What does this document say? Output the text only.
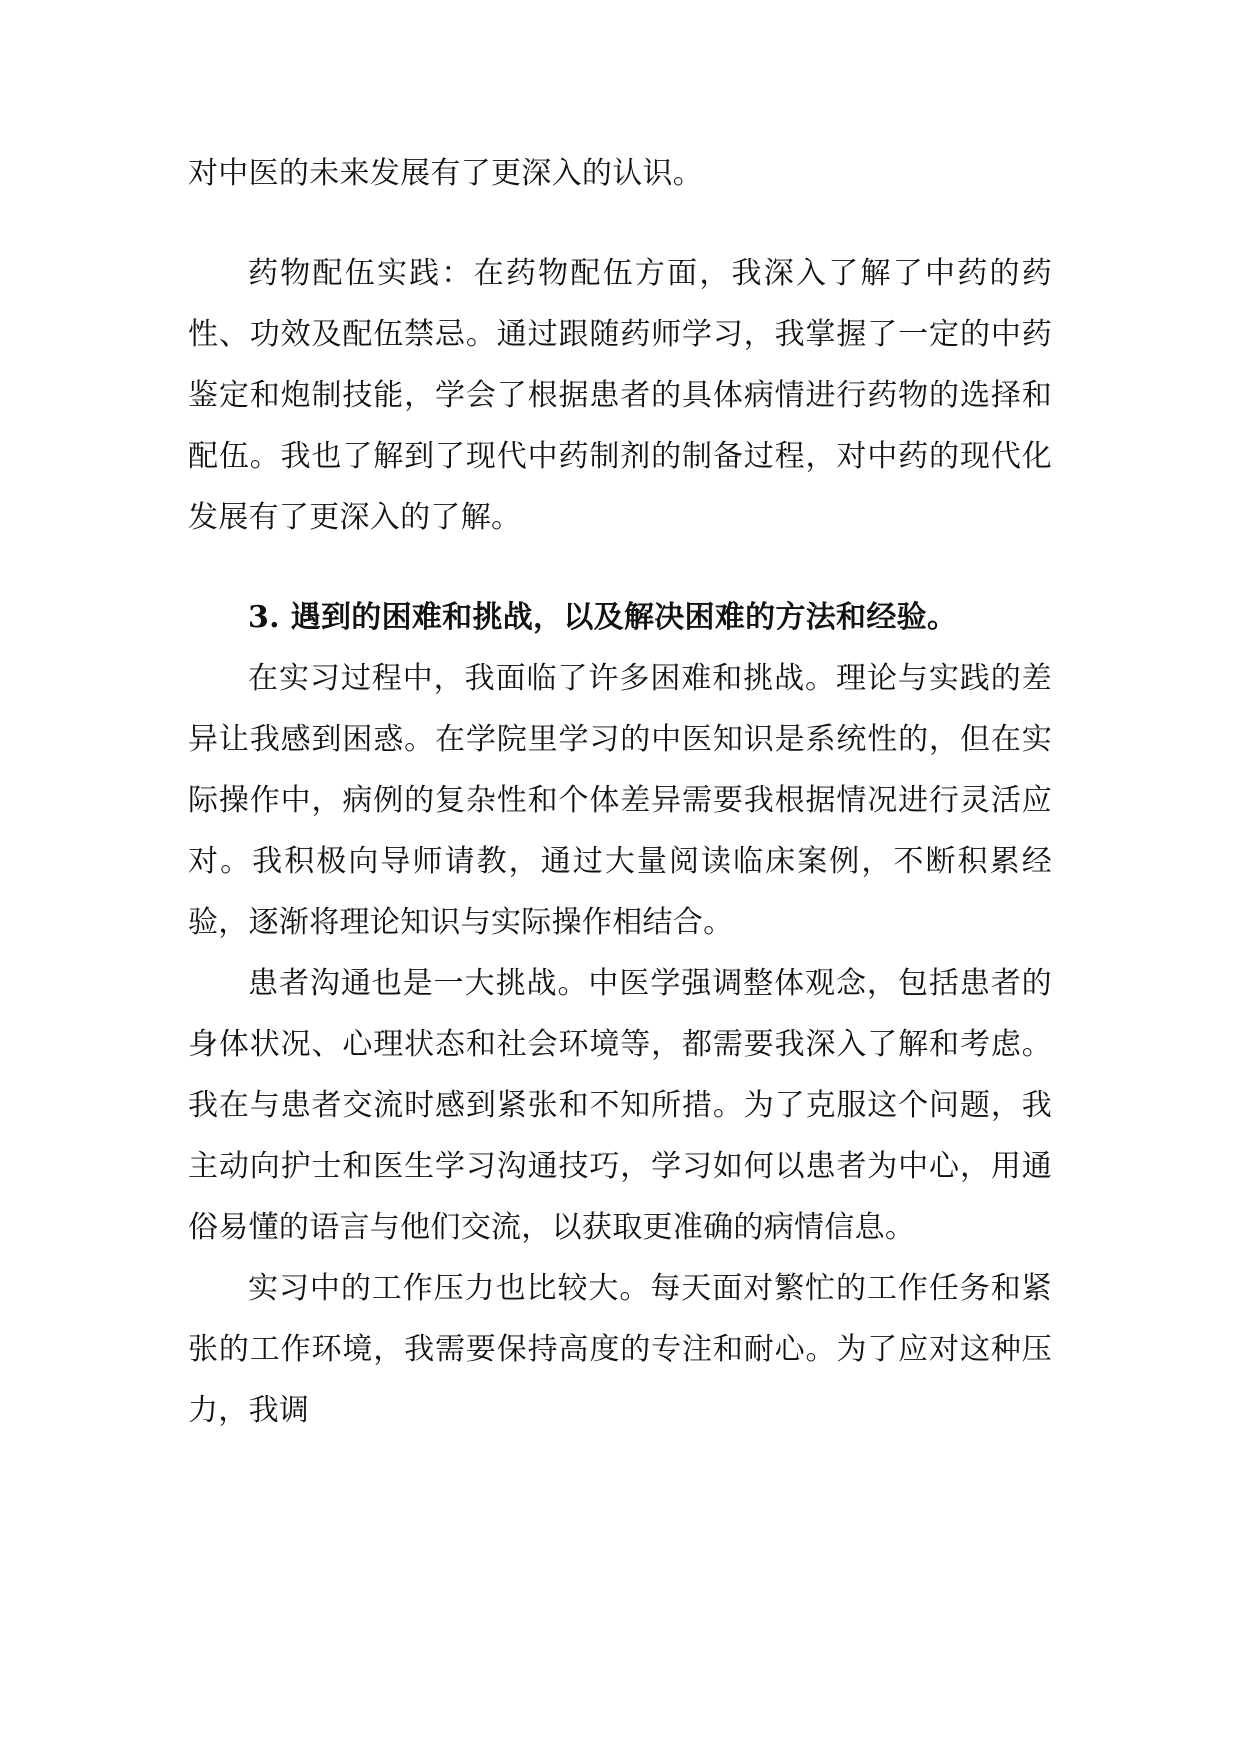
对中医的未来发展有了更深入的认识。

药物配伍实践：在药物配伍方面，我深入了解了中药的药性、功效及配伍禁忌。通过跟随药师学习，我掌握了一定的中药鉴定和炮制技能，学会了根据患者的具体病情进行药物的选择和配伍。我也了解到了现代中药制剂的制备过程，对中药的现代化发展有了更深入的了解。

3. 遇到的困难和挑战，以及解决困难的方法和经验。

在实习过程中，我面临了许多困难和挑战。理论与实践的差异让我感到困惑。在学院里学习的中医知识是系统性的，但在实际操作中，病例的复杂性和个体差异需要我根据情况进行灵活应对。我积极向导师请教，通过大量阅读临床案例，不断积累经验，逐渐将理论知识与实际操作相结合。

患者沟通也是一大挑战。中医学强调整体观念，包括患者的身体状况、心理状态和社会环境等，都需要我深入了解和考虑。我在与患者交流时感到紧张和不知所措。为了克服这个问题，我主动向护士和医生学习沟通技巧，学习如何以患者为中心，用通俗易懂的语言与他们交流，以获取更准确的病情信息。

实习中的工作压力也比较大。每天面对繁忙的工作任务和紧张的工作环境，我需要保持高度的专注和耐心。为了应对这种压力，我调
